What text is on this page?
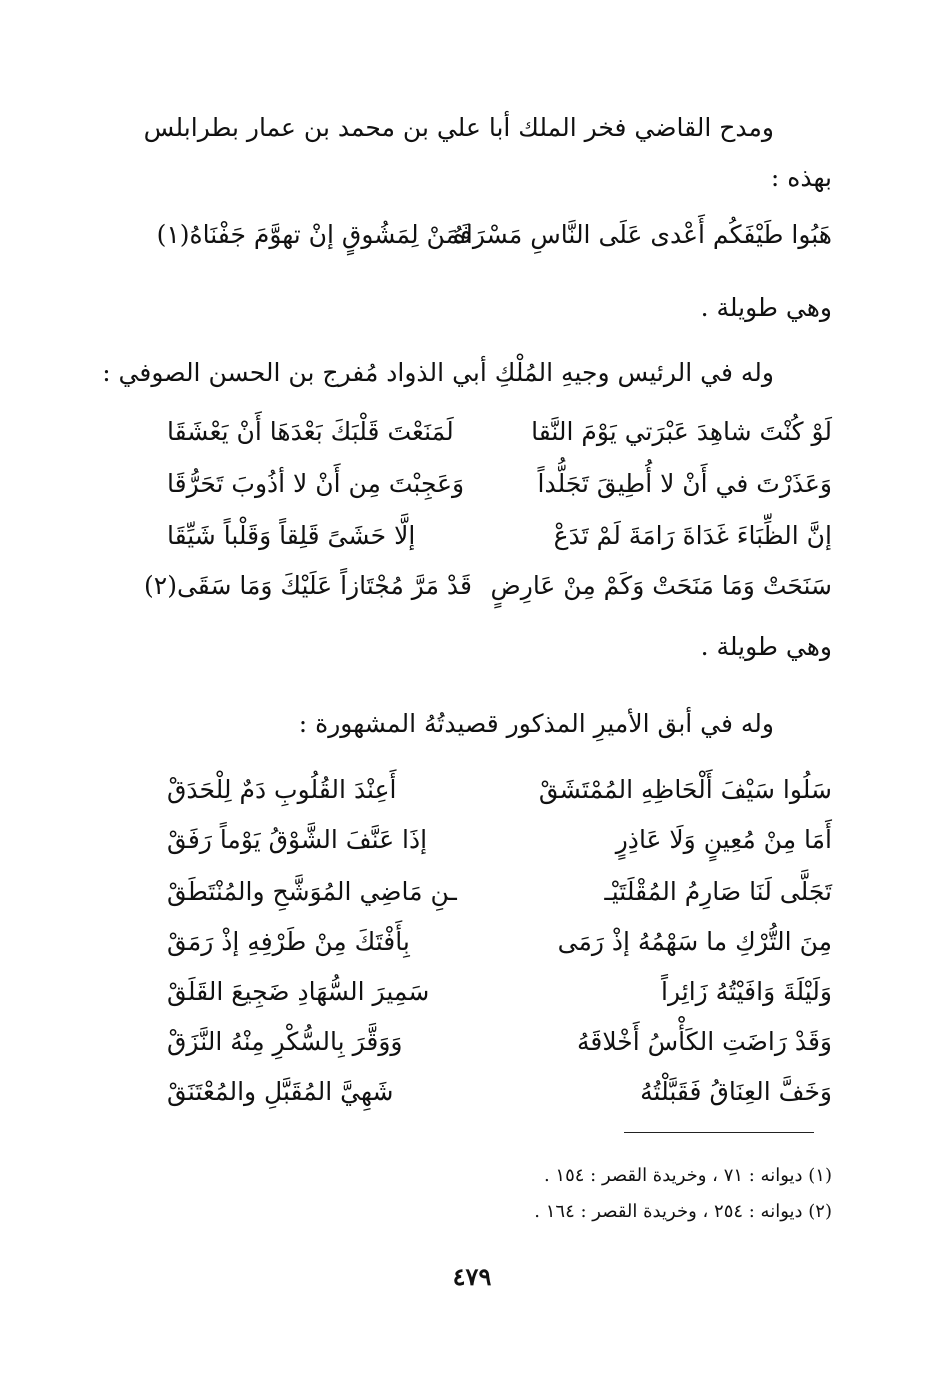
ومدح القاضي فخر الملك أبا علي بن محمد بن عمار بطرابلس
بهذه :
هَبُوا طَيْفَكُم أَعْدى عَلَى النَّاسِ مَسْرَاهُ
فَمَنْ لِمَشُوقٍ إنْ تهوَّمَ جَفْنَاهُ(١)
وهي طويلة .
وله في الرئيس وجيهِ المُلْكِ أبي الذواد مُفرج بن الحسن الصوفي :
لَوْ كُنْتَ شاهِدَ عَبْرَتي يَوْمَ النَّقا
لَمَنَعْتَ قَلْبَكَ بَعْدَهَا أَنْ يَعْشَقَا
وَعَذَرْتَ في أَنْ لا أُطِيقَ تَجَلُّداً
وَعَجِبْتَ مِن أَنْ لا أذُوبَ تَحَرُّقَا
إنَّ الظِّبَاءَ غَدَاةَ رَامَةَ لَمْ تَدَعْ
إلَّا حَشَىً قَلِقاً وَقَلْباً شَيِّقَا
سَنَحَتْ وَمَا مَنَحَتْ وَكَمْ مِنْ عَارِضٍ
قَدْ مَرَّ مُجْتَازاً عَلَيْكَ وَمَا سَقَى(٢)
وهي طويلة .
وله في أبق الأميرِ المذكور قصيدتُهُ المشهورة :
سَلُوا سَيْفَ أَلْحَاظِهِ المُمْتَشَقْ
أَعِنْدَ القُلُوبِ دَمٌ لِلْحَدَقْ
أَمَا مِنْ مُعِينٍ وَلَا عَاذِرٍ
إذَا عَنَّفَ الشَّوْقُ يَوْماً رَفَقْ
تَجَلَّى لَنَا صَارِمُ المُقْلَتَيْـ
ـنِ مَاضِي المُوَشَّحِ والمُنْتَطَقْ
مِنَ التُّرْكِ ما سَهْمُهُ إذْ رَمَى
بِأَفْتَكَ مِنْ طَرْفِهِ إذْ رَمَقْ
وَلَيْلَةَ وَافَيْتُهُ زَائِراً
سَمِيرَ السُّهَادِ ضَجِيعَ القَلَقْ
وَقَدْ رَاضَتِ الكَأْسُ أَخْلاقَهُ
وَوَقَّرَ بِالسُّكْرِ مِنْهُ النَّزَقْ
وَخَفَّ العِنَاقُ فَقَبَّلْتُهُ
شَهِيَّ المُقَبَّلِ والمُعْتَنَقْ
(١) ديوانه : ٧١ ، وخريدة القصر : ١٥٤ .
(٢) ديوانه : ٢٥٤ ، وخريدة القصر : ١٦٤ .
٤٧٩
